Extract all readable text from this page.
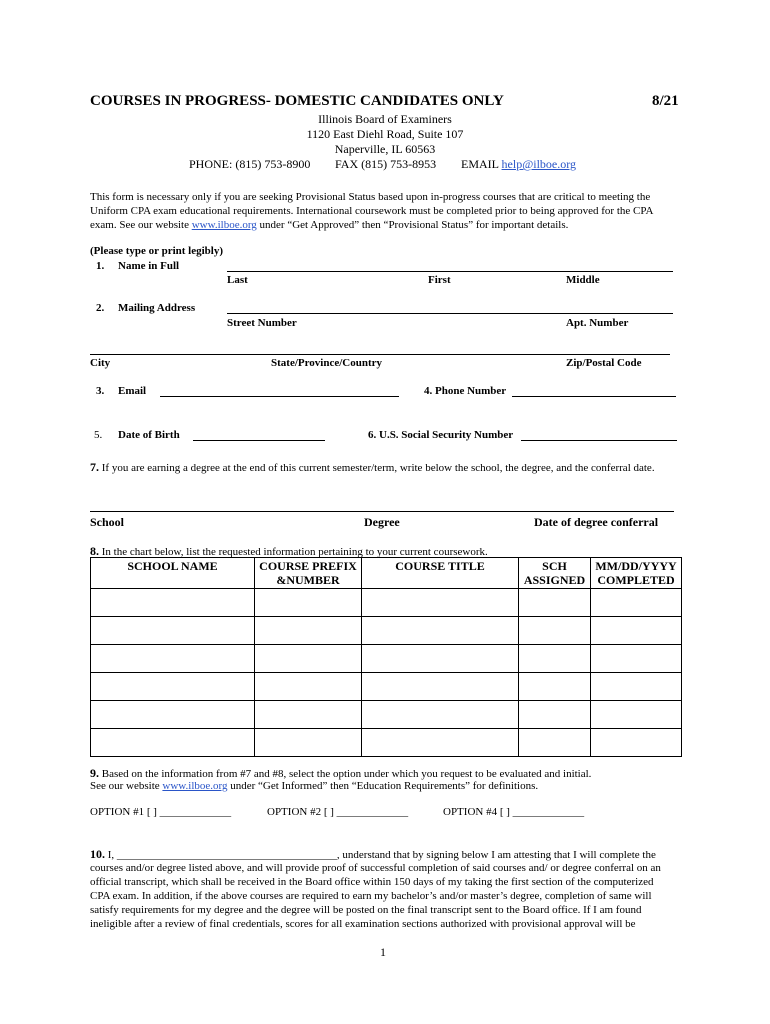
COURSES IN PROGRESS- DOMESTIC CANDIDATES ONLY	8/21
Illinois Board of Examiners
1120 East Diehl Road, Suite 107
Naperville, IL 60563
PHONE: (815) 753-8900 FAX (815) 753-8953 EMAIL help@ilboe.org
This form is necessary only if you are seeking Provisional Status based upon in-progress courses that are critical to meeting the
Uniform CPA exam educational requirements. International coursework must be completed prior to being approved for the CPA
exam. See our website www.ilboe.org under “Get Approved” then “Provisional Status” for important details.
(Please type or print legibly)
1. Name in Full
Last	First	Middle
2. Mailing Address
Street Number	Apt. Number
City	State/Province/Country	Zip/Postal Code
3. Email	4. Phone Number
5. Date of Birth	6. U.S. Social Security Number
7. If you are earning a degree at the end of this current semester/term, write below the school, the degree, and the conferral date.
School	Degree	Date of degree conferral
8. In the chart below, list the requested information pertaining to your current coursework.
SCHOOL NAME	COURSE PREFIX &NUMBER	COURSE TITLE	SCH ASSIGNED	MM/DD/YYYY COMPLETED

9. Based on the information from #7 and #8, select the option under which you request to be evaluated and initial.
See our website www.ilboe.org under “Get Informed” then “Education Requirements” for definitions.
OPTION #1 [ ] _____________	OPTION #2 [ ] _____________	OPTION #4 [ ] _____________
10. I, ________________________________________, understand that by signing below I am attesting that I will complete the
courses and/or degree listed above, and will provide proof of successful completion of said courses and/ or degree conferral on an
official transcript, which shall be received in the Board office within 150 days of my taking the first section of the computerized
CPA exam. In addition, if the above courses are required to earn my bachelor’s and/or master’s degree, completion of same will
satisfy requirements for my degree and the degree will be posted on the final transcript sent to the Board office. If I am found
ineligible after a review of final credentials, scores for all examination sections authorized with provisional approval will be
1
